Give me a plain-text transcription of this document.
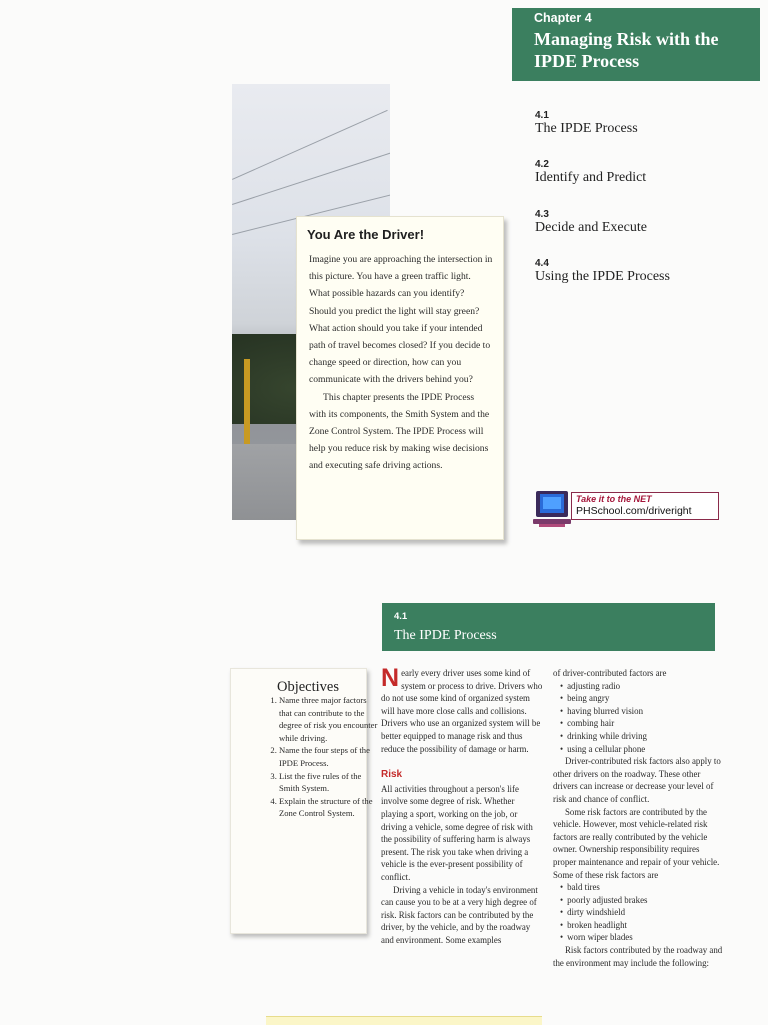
You Are the Driver!

Imagine you are approaching the intersection in this picture. You have a green traffic light. What possible hazards can you identify? Should you predict the light will stay green? What action should you take if your intended path of travel becomes closed? If you decide to change speed or direction, how can you communicate with the drivers behind you?

This chapter presents the IPDE Process with its components, the Smith System and the Zone Control System. The IPDE Process will help you reduce risk by making wise decisions and executing safe driving actions.

Chapter 4
Managing Risk with the IPDE Process
4.1
The IPDE Process
4.2
Identify and Predict
4.3
Decide and Execute
4.4
Using the IPDE Process
Take it to the NET
PHSchool.com/driveright
4.1
The IPDE Process
Objectives
1. Name three major factors that can contribute to the degree of risk you encounter while driving.
2. Name the four steps of the IPDE Process.
3. List the five rules of the Smith System.
4. Explain the structure of the Zone Control System.

Nearly every driver uses some kind of system or process to drive. Drivers who do not use some kind of organized system will have more close calls and collisions. Drivers who use an organized system will be better equipped to manage risk and thus reduce the possibility of damage or harm.

Risk

All activities throughout a person's life involve some degree of risk. Whether playing a sport, working on the job, or driving a vehicle, some degree of risk with the possibility of suffering harm is always present. The risk you take when driving a vehicle is the ever-present possibility of conflict.

Driving a vehicle in today's environment can cause you to be at a very high degree of risk. Risk factors can be contributed by the driver, by the vehicle, and by the roadway and environment. Some examples

of driver-contributed factors are

• adjusting radio
• being angry
• having blurred vision
• combing hair
• drinking while driving
• using a cellular phone

Driver-contributed risk factors also apply to other drivers on the roadway. These other drivers can increase or decrease your level of risk and chance of conflict.

Some risk factors are contributed by the vehicle. However, most vehicle-related risk factors are really contributed by the vehicle owner. Ownership responsibility requires proper maintenance and repair of your vehicle. Some of these risk factors are

• bald tires
• poorly adjusted brakes
• dirty windshield
• broken headlight
• worn wiper blades

Risk factors contributed by the roadway and the environment may include the following:
